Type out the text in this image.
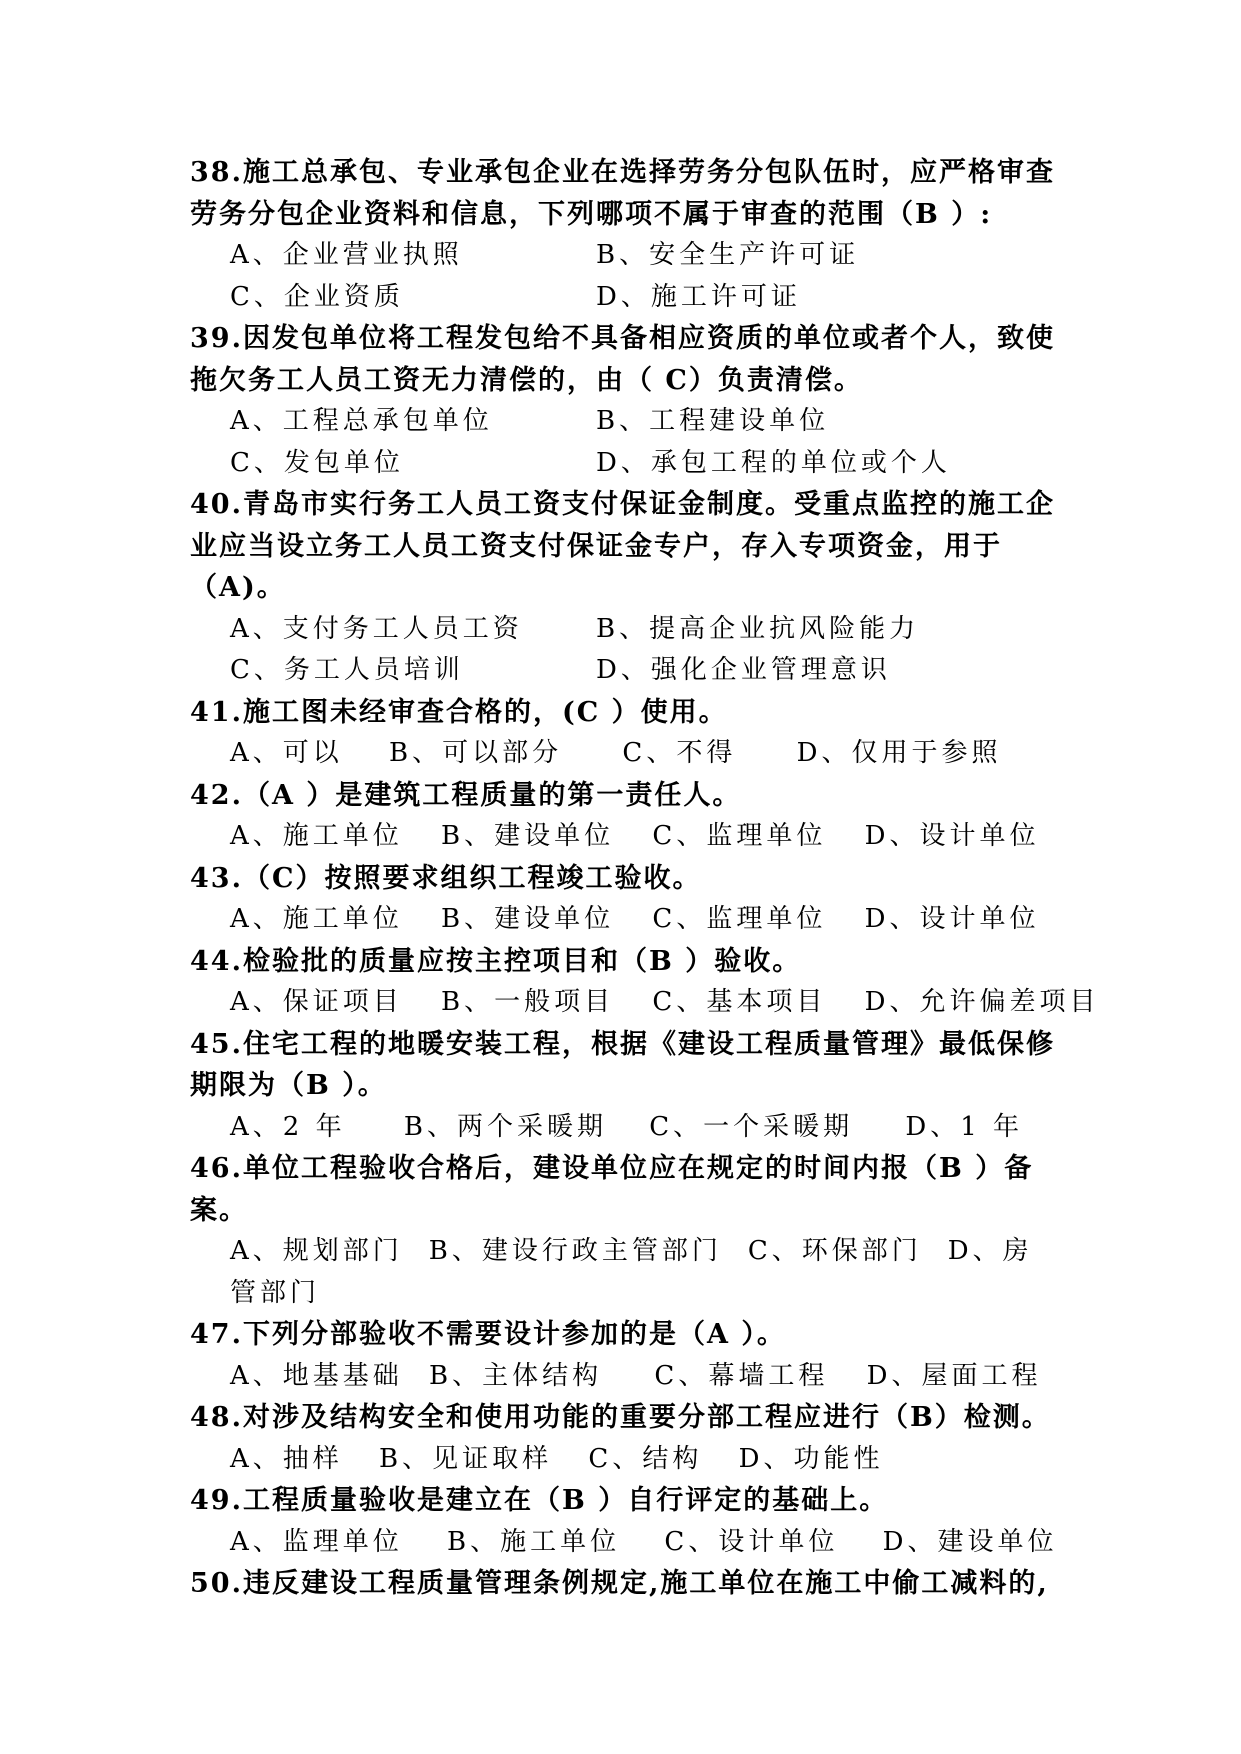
38.施工总承包、专业承包企业在选择劳务分包队伍时，应严格审查劳务分包企业资料和信息，下列哪项不属于审查的范围（B ）:

A、企业营业执照	B、安全生产许可证
C、企业资质	D、施工许可证

39.因发包单位将工程发包给不具备相应资质的单位或者个人，致使拖欠务工人员工资无力清偿的，由（ C）负责清偿。

A、工程总承包单位	B、工程建设单位
C、发包单位	D、承包工程的单位或个人

40.青岛市实行务工人员工资支付保证金制度。受重点监控的施工企业应当设立务工人员工资支付保证金专户，存入专项资金，用于（A)。

A、支付务工人员工资	B、提高企业抗风险能力
C、务工人员培训	D、强化企业管理意识

41.施工图未经审查合格的，(C ）使用。

A、可以 B、可以部分 C、不得 D、仅用于参照

42.（A ）是建筑工程质量的第一责任人。

A、施工单位 B、建设单位 C、监理单位 D、设计单位

43.（C）按照要求组织工程竣工验收。

A、施工单位 B、建设单位 C、监理单位 D、设计单位

44.检验批的质量应按主控项目和（B ）验收。

A、保证项目 B、一般项目 C、基本项目 D、允许偏差项目

45.住宅工程的地暖安装工程，根据《建设工程质量管理》最低保修期限为（B ）。

A、2 年 B、两个采暖期 C、一个采暖期 D、1 年

46.单位工程验收合格后，建设单位应在规定的时间内报（B ）备案。

A、规划部门 B、建设行政主管部门 C、环保部门 D、房管部门

47.下列分部验收不需要设计参加的是（A ）。

A、地基基础 B、主体结构 C、幕墙工程 D、屋面工程

48.对涉及结构安全和使用功能的重要分部工程应进行（B）检测。

A、抽样 B、见证取样 C、结构 D、功能性

49.工程质量验收是建立在（B ）自行评定的基础上。

A、监理单位 B、施工单位 C、设计单位 D、建设单位

50.违反建设工程质量管理条例规定,施工单位在施工中偷工减料的,
